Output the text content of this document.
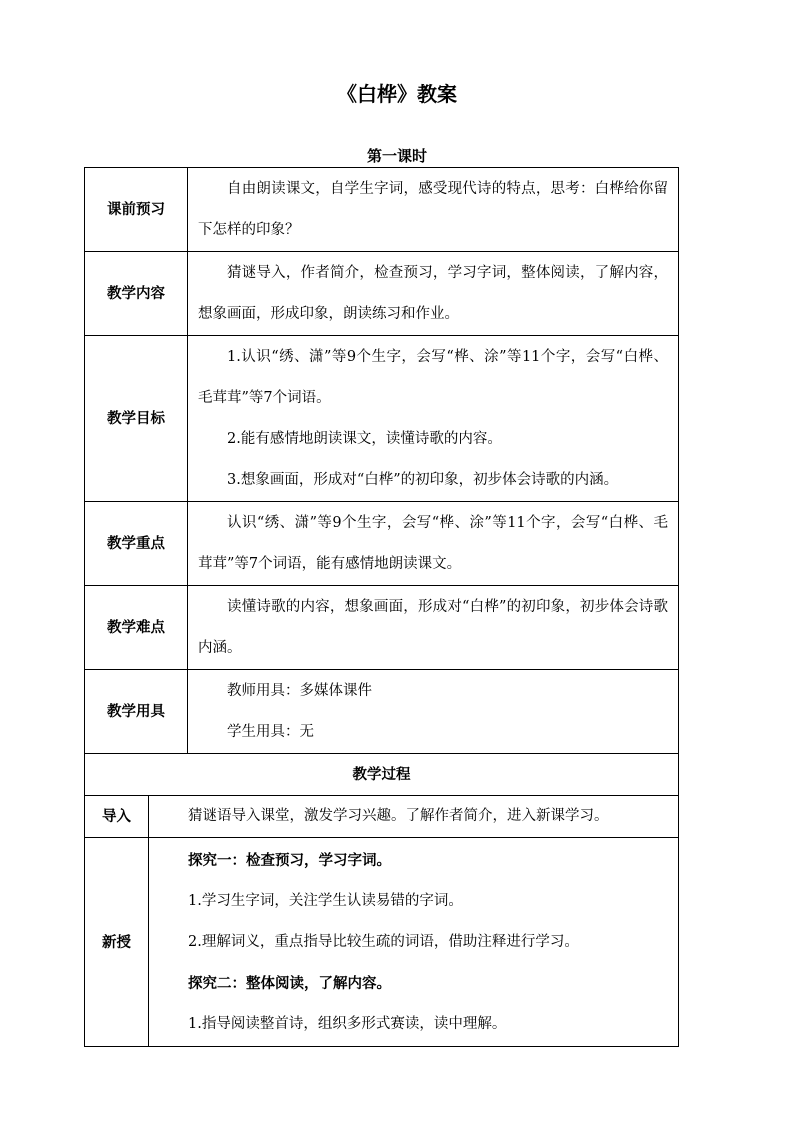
《白桦》教案
第一课时
课前预习		自由朗读课文，自学生字词，感受现代诗的特点，思考：白桦给你留下怎样的印象？
教学内容		猜谜导入，作者简介，检查预习，学习字词，整体阅读，了解内容，想象画面，形成印象，朗读练习和作业。
教学目标		1.认识“绣、潇”等9个生字，会写“桦、涂”等11个字，会写“白桦、毛茸茸”等7个词语。

2.能有感情地朗读课文，读懂诗歌的内容。

3.想象画面，形成对“白桦”的初印象，初步体会诗歌的内涵。

教学重点		认识“绣、潇”等9个生字，会写“桦、涂”等11个字，会写“白桦、毛茸茸”等7个词语，能有感情地朗读课文。
教学难点		读懂诗歌的内容，想象画面，形成对“白桦”的初印象，初步体会诗歌内涵。
教学用具		教师用具：多媒体课件

学生用具：无

教学过程		
导入	猜谜语导入课堂，激发学习兴趣。了解作者简介，进入新课学习。	
新授	探究一：检查预习，学习字词。

1.学习生字词，关注学生认读易错的字词。

2.理解词义，重点指导比较生疏的词语，借助注释进行学习。

探究二：整体阅读，了解内容。

1.指导阅读整首诗，组织多形式赛读，读中理解。	
